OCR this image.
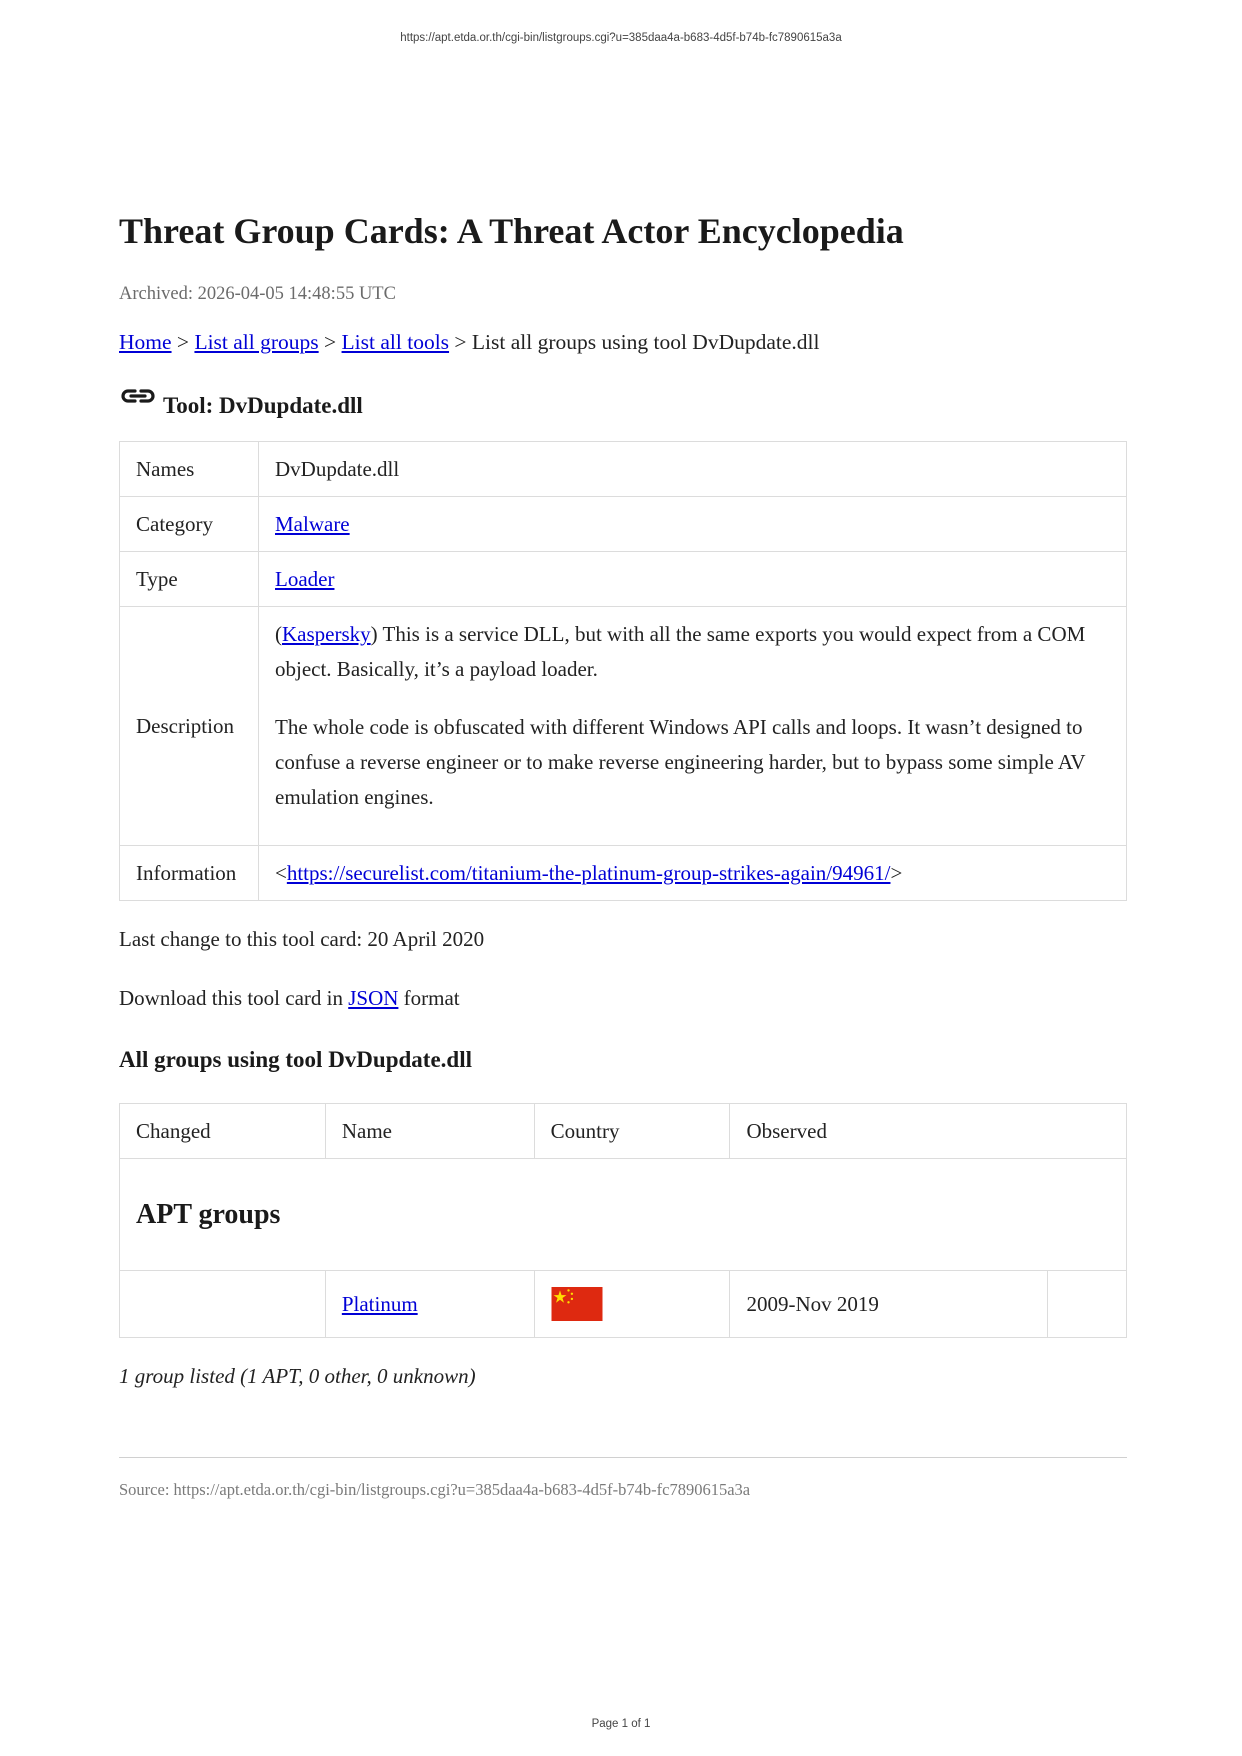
https://apt.etda.or.th/cgi-bin/listgroups.cgi?u=385daa4a-b683-4d5f-b74b-fc7890615a3a
Threat Group Cards: A Threat Actor Encyclopedia
Archived: 2026-04-05 14:48:55 UTC
Home > List all groups > List all tools > List all groups using tool DvDupdate.dll
Tool: DvDupdate.dll
Names	DvDupdate.dll
Category	Malware
Type	Loader
Description	(Kaspersky) This is a service DLL, but with all the same exports you would expect from a COM object. Basically, it’s a payload loader.

The whole code is obfuscated with different Windows API calls and loops. It wasn’t designed to confuse a reverse engineer or to make reverse engineering harder, but to bypass some simple AV emulation engines.

Information	<https://securelist.com/titanium-the-platinum-group-strikes-again/94961/>
Last change to this tool card: 20 April 2020
Download this tool card in JSON format
All groups using tool DvDupdate.dll
Changed	Name	Country	Observed	
APT groups				
	Platinum		2009-Nov 2019	
1 group listed (1 APT, 0 other, 0 unknown)
Source: https://apt.etda.or.th/cgi-bin/listgroups.cgi?u=385daa4a-b683-4d5f-b74b-fc7890615a3a
Page 1 of 1
